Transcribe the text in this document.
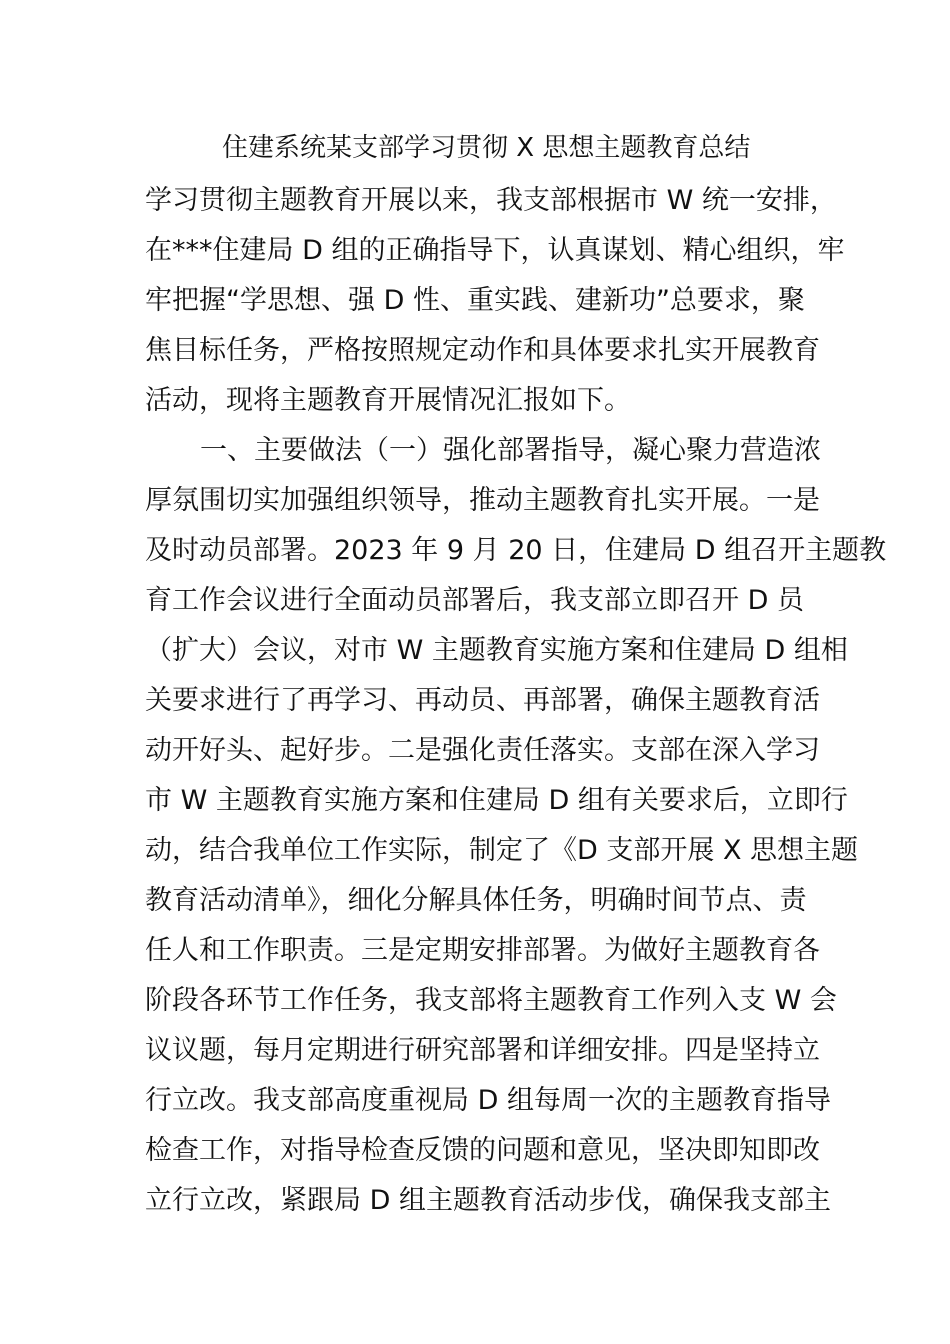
住建系统某支部学习贯彻 X 思想主题教育总结
学习贯彻主题教育开展以来，我支部根据市 W 统一安排，
在***住建局 D 组的正确指导下，认真谋划、精心组织，牢
牢把握“学思想、强 D 性、重实践、建新功”总要求，聚
焦目标任务，严格按照规定动作和具体要求扎实开展教育
活动，现将主题教育开展情况汇报如下。
一、主要做法（一）强化部署指导，凝心聚力营造浓
厚氛围切实加强组织领导，推动主题教育扎实开展。一是
及时动员部署。2023 年 9 月 20 日，住建局 D 组召开主题教
育工作会议进行全面动员部署后，我支部立即召开 D 员
（扩大）会议，对市 W 主题教育实施方案和住建局 D 组相
关要求进行了再学习、再动员、再部署，确保主题教育活
动开好头、起好步。二是强化责任落实。支部在深入学习
市 W 主题教育实施方案和住建局 D 组有关要求后，立即行
动，结合我单位工作实际，制定了《D 支部开展 X 思想主题
教育活动清单》，细化分解具体任务，明确时间节点、责
任人和工作职责。三是定期安排部署。为做好主题教育各
阶段各环节工作任务，我支部将主题教育工作列入支 W 会
议议题，每月定期进行研究部署和详细安排。四是坚持立
行立改。我支部高度重视局 D 组每周一次的主题教育指导
检查工作，对指导检查反馈的问题和意见，坚决即知即改
立行立改，紧跟局 D 组主题教育活动步伐，确保我支部主
